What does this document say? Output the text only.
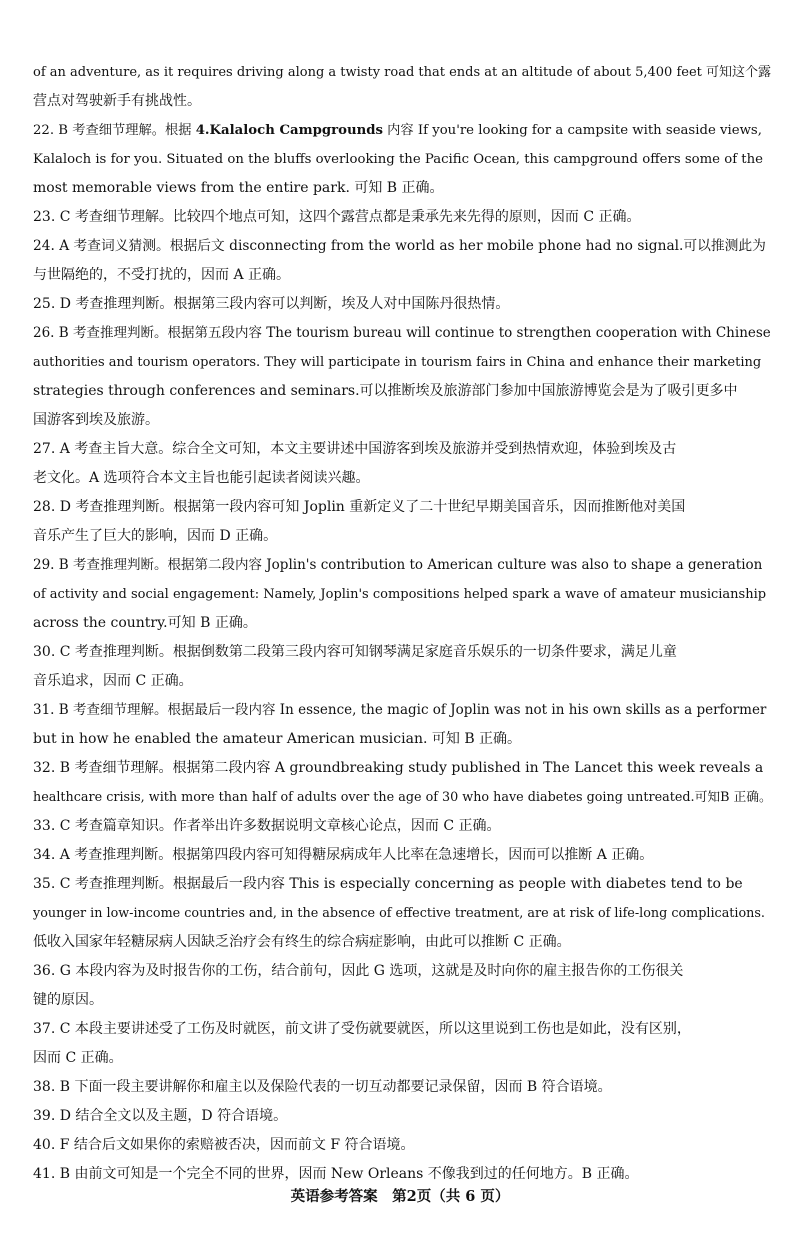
of an adventure, as it requires driving along a twisty road that ends at an altitude of about 5,400 feet 可知这个露
营点对驾驶新手有挑战性。
22. B 考查细节理解。根据 4.Kalaloch Campgrounds 内容 If you're looking for a campsite with seaside views,
Kalaloch is for you. Situated on the bluffs overlooking the Pacific Ocean, this campground offers some of the
most memorable views from the entire park. 可知 B 正确。
23. C 考查细节理解。比较四个地点可知，这四个露营点都是秉承先来先得的原则，因而 C 正确。
24. A 考查词义猜测。根据后文 disconnecting from the world as her mobile phone had no signal.可以推测此为
与世隔绝的，不受打扰的，因而 A 正确。
25. D 考查推理判断。根据第三段内容可以判断，埃及人对中国陈丹很热情。
26. B 考查推理判断。根据第五段内容 The tourism bureau will continue to strengthen cooperation with Chinese
authorities and tourism operators. They will participate in tourism fairs in China and enhance their marketing
strategies through conferences and seminars.可以推断埃及旅游部门参加中国旅游博览会是为了吸引更多中
国游客到埃及旅游。
27. A 考查主旨大意。综合全文可知，本文主要讲述中国游客到埃及旅游并受到热情欢迎，体验到埃及古
老文化。A 选项符合本文主旨也能引起读者阅读兴趣。
28. D 考查推理判断。根据第一段内容可知 Joplin 重新定义了二十世纪早期美国音乐，因而推断他对美国
音乐产生了巨大的影响，因而 D 正确。
29. B 考查推理判断。根据第二段内容 Joplin's contribution to American culture was also to shape a generation
of activity and social engagement: Namely, Joplin's compositions helped spark a wave of amateur musicianship
across the country.可知 B 正确。
30. C 考查推理判断。根据倒数第二段第三段内容可知钢琴满足家庭音乐娱乐的一切条件要求，满足儿童
音乐追求，因而 C 正确。
31. B 考查细节理解。根据最后一段内容 In essence, the magic of Joplin was not in his own skills as a performer
but in how he enabled the amateur American musician. 可知 B 正确。
32. B 考查细节理解。根据第二段内容 A groundbreaking study published in The Lancet this week reveals a
healthcare crisis, with more than half of adults over the age of 30 who have diabetes going untreated.可知B 正确。
33. C 考查篇章知识。作者举出许多数据说明文章核心论点，因而 C 正确。
34. A 考查推理判断。根据第四段内容可知得糖尿病成年人比率在急速增长，因而可以推断 A 正确。
35. C 考查推理判断。根据最后一段内容 This is especially concerning as people with diabetes tend to be
younger in low-income countries and, in the absence of effective treatment, are at risk of life-long complications.
低收入国家年轻糖尿病人因缺乏治疗会有终生的综合病症影响，由此可以推断 C 正确。
36. G 本段内容为及时报告你的工伤，结合前句，因此 G 选项，这就是及时向你的雇主报告你的工伤很关
键的原因。
37. C 本段主要讲述受了工伤及时就医，前文讲了受伤就要就医，所以这里说到工伤也是如此，没有区别，
因而 C 正确。
38. B 下面一段主要讲解你和雇主以及保险代表的一切互动都要记录保留，因而 B 符合语境。
39. D 结合全文以及主题，D 符合语境。
40. F 结合后文如果你的索赔被否决，因而前文 F 符合语境。
41. B 由前文可知是一个完全不同的世界，因而 New Orleans 不像我到过的任何地方。B 正确。
英语参考答案　第2页（共 6 页）
